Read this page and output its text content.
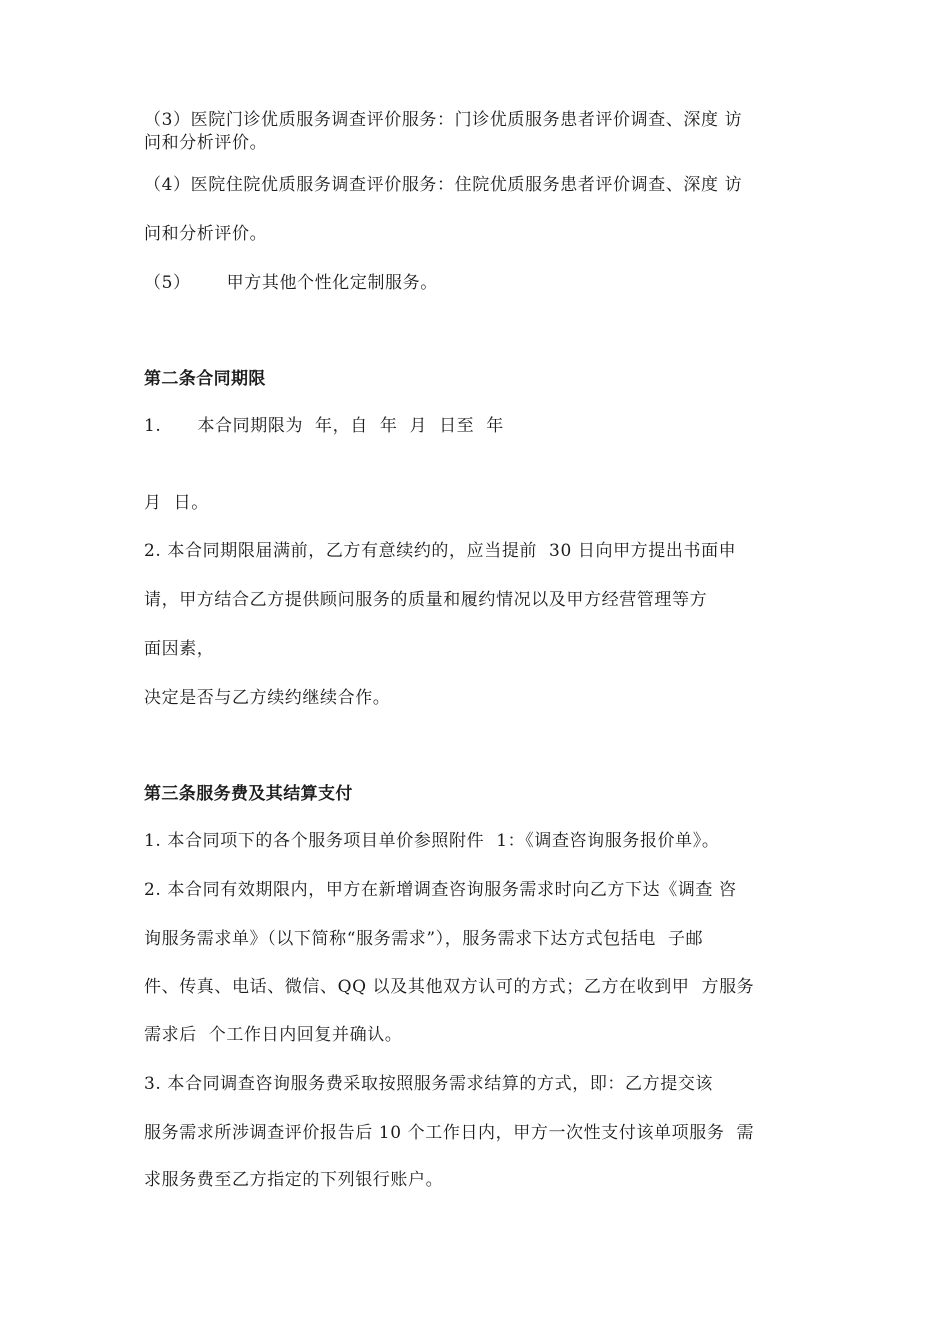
（3）医院门诊优质服务调查评价服务：门诊优质服务患者评价调查、深度 访

问和分析评价。

（4）医院住院优质服务调查评价服务：住院优质服务患者评价调查、深度 访

问和分析评价。

（5）      甲方其他个性化定制服务。

第二条合同期限

1.      本合同期限为  年，自  年  月  日至  年

月  日。

2. 本合同期限届满前，乙方有意续约的，应当提前  30 日向甲方提出书面申

请，甲方结合乙方提供顾问服务的质量和履约情况以及甲方经营管理等方

面因素，

决定是否与乙方续约继续合作。

第三条服务费及其结算支付

1. 本合同项下的各个服务项目单价参照附件  1：《调查咨询服务报价单》。

2. 本合同有效期限内，甲方在新增调查咨询服务需求时向乙方下达《调查 咨

询服务需求单》（以下简称“服务需求”），服务需求下达方式包括电  子邮

件、传真、电话、微信、QQ 以及其他双方认可的方式；乙方在收到甲  方服务

需求后  个工作日内回复并确认。

3. 本合同调查咨询服务费采取按照服务需求结算的方式，即：乙方提交该

服务需求所涉调查评价报告后 10 个工作日内，甲方一次性支付该单项服务  需

求服务费至乙方指定的下列银行账户。
